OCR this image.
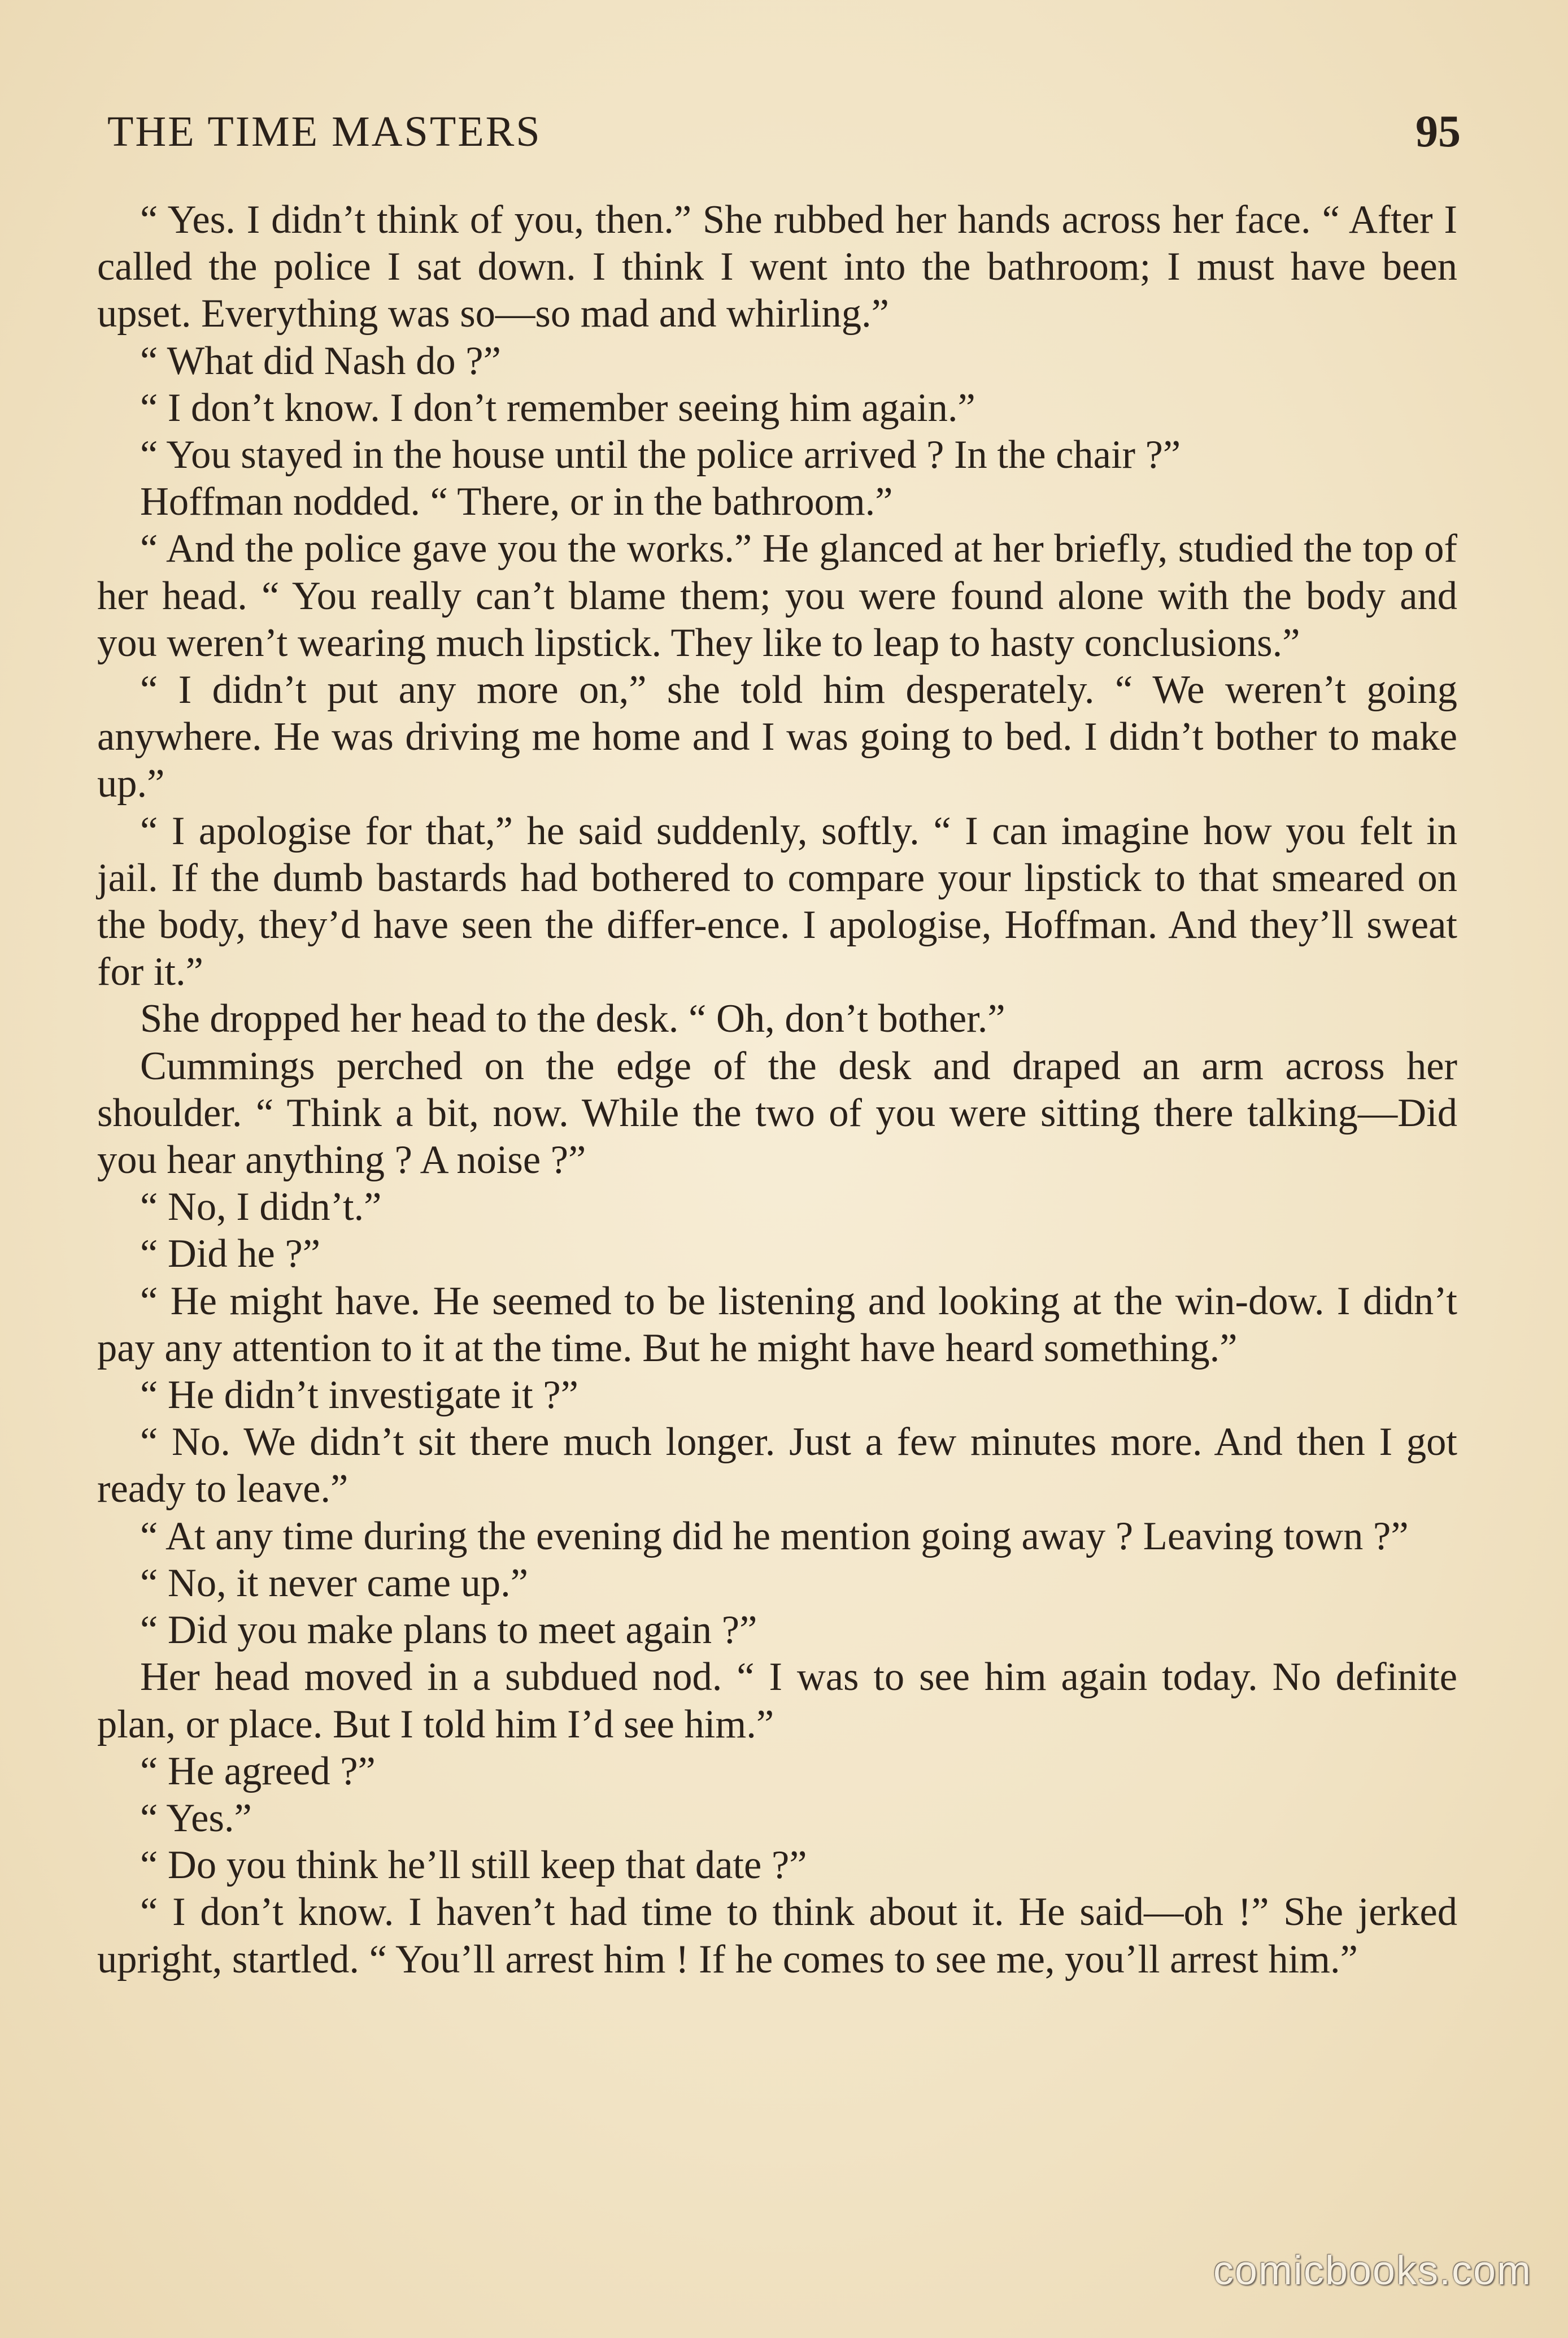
THE TIME MASTERS	95

“ Yes. I didn’t think of you, then.” She rubbed her hands across her face. “ After I called the police I sat down. I think I went into the bathroom; I must have been upset. Everything was so—so mad and whirling.”

“ What did Nash do ?”

“ I don’t know. I don’t remember seeing him again.”

“ You stayed in the house until the police arrived ? In the chair ?”

Hoffman nodded. “ There, or in the bathroom.”

“ And the police gave you the works.” He glanced at her briefly, studied the top of her head. “ You really can’t blame them; you were found alone with the body and you weren’t wearing much lipstick. They like to leap to hasty conclusions.”

“ I didn’t put any more on,” she told him desperately. “ We weren’t going anywhere. He was driving me home and I was going to bed. I didn’t bother to make up.”

“ I apologise for that,” he said suddenly, softly. “ I can imagine how you felt in jail. If the dumb bastards had bothered to compare your lipstick to that smeared on the body, they’d have seen the differ-ence. I apologise, Hoffman. And they’ll sweat for it.”

She dropped her head to the desk. “ Oh, don’t bother.”

Cummings perched on the edge of the desk and draped an arm across her shoulder. “ Think a bit, now. While the two of you were sitting there talking—Did you hear anything ? A noise ?”

“ No, I didn’t.”

“ Did he ?”

“ He might have. He seemed to be listening and looking at the win-dow. I didn’t pay any attention to it at the time. But he might have heard something.”

“ He didn’t investigate it ?”

“ No. We didn’t sit there much longer. Just a few minutes more. And then I got ready to leave.”

“ At any time during the evening did he mention going away ? Leaving town ?”

“ No, it never came up.”

“ Did you make plans to meet again ?”

Her head moved in a subdued nod. “ I was to see him again today. No definite plan, or place. But I told him I’d see him.”

“ He agreed ?”

“ Yes.”

“ Do you think he’ll still keep that date ?”

“ I don’t know. I haven’t had time to think about it. He said—oh !” She jerked upright, startled. “ You’ll arrest him ! If he comes to see me, you’ll arrest him.”

comicbooks.com
